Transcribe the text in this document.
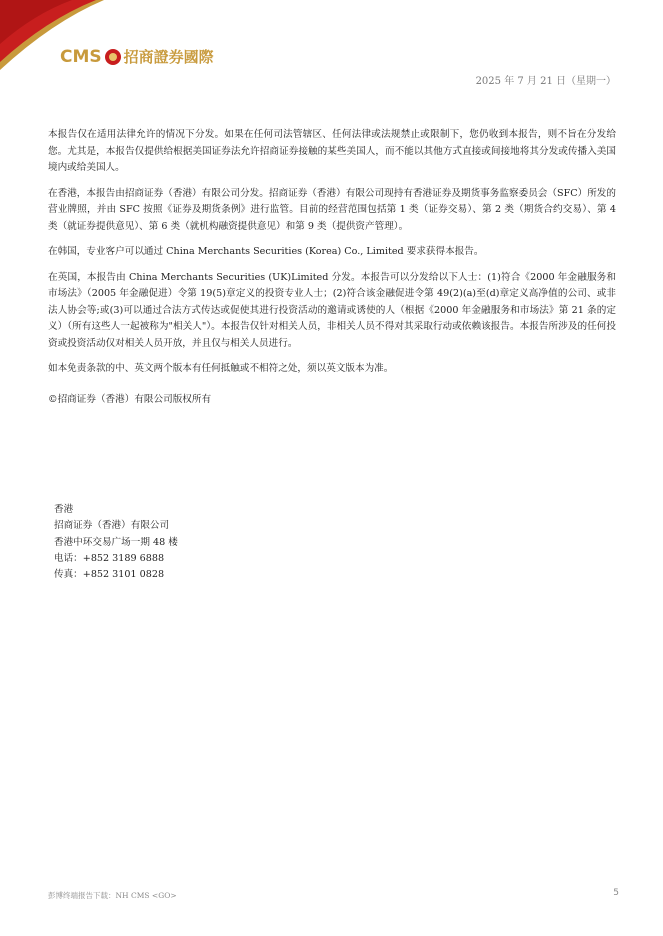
CMS 招商證券國際
2025 年 7 月 21 日（星期一）

本报告仅在适用法律允许的情况下分发。如果在任何司法管辖区、任何法律或法规禁止或限制下，您仍收到本报告，则不旨在分发给您。尤其是，本报告仅提供给根据美国证券法允许招商证券接触的某些美国人，而不能以其他方式直接或间接地将其分发或传播入美国境内或给美国人。

在香港，本报告由招商证券（香港）有限公司分发。招商证券（香港）有限公司现持有香港证券及期货事务监察委员会（SFC）所发的营业牌照，并由 SFC 按照《证券及期货条例》进行监管。目前的经营范围包括第 1 类（证券交易）、第 2 类（期货合约交易）、第 4 类（就证券提供意见）、第 6 类（就机构融资提供意见）和第 9 类（提供资产管理）。

在韩国，专业客户可以通过 China Merchants Securities (Korea) Co., Limited 要求获得本报告。

在英国，本报告由 China Merchants Securities (UK)Limited 分发。本报告可以分发给以下人士：(1)符合《2000 年金融服务和市场法》（2005 年金融促进）令第 19(5)章定义的投资专业人士；(2)符合该金融促进令第 49(2)(a)至(d)章定义高净值的公司、或非法人协会等;或(3)可以通过合法方式传达或促使其进行投资活动的邀请或诱使的人（根据《2000 年金融服务和市场法》第 21 条的定义）（所有这些人一起被称为"相关人"）。本报告仅针对相关人员，非相关人员不得对其采取行动或依赖该报告。本报告所涉及的任何投资或投资活动仅对相关人员开放，并且仅与相关人员进行。

如本免责条款的中、英文两个版本有任何抵触或不相符之处，须以英文版本为准。

©招商证券（香港）有限公司版权所有
香港
招商证券（香港）有限公司
香港中环交易广场一期 48 楼
电话：+852 3189 6888
传真：+852 3101 0828
彭博终端报告下载：NH CMS <GO>	5
